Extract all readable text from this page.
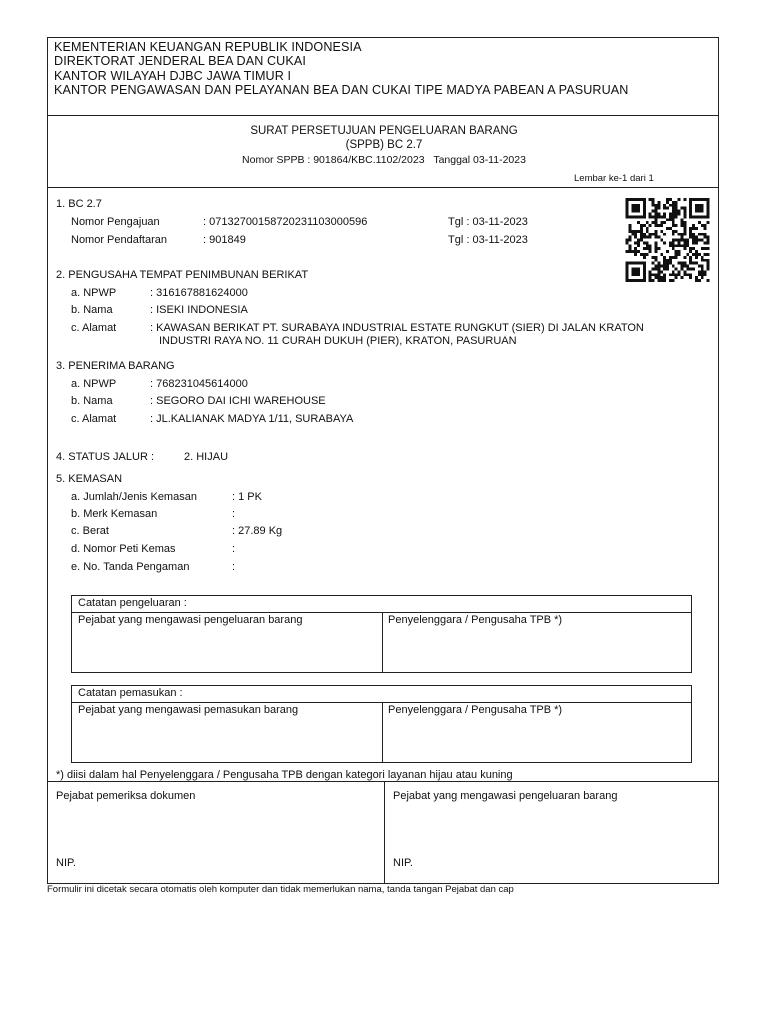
KEMENTERIAN KEUANGAN REPUBLIK INDONESIA
DIREKTORAT JENDERAL BEA DAN CUKAI
KANTOR WILAYAH DJBC JAWA TIMUR I
KANTOR PENGAWASAN DAN PELAYANAN BEA DAN CUKAI TIPE MADYA PABEAN A PASURUAN
SURAT PERSETUJUAN PENGELUARAN BARANG
(SPPB) BC 2.7
Nomor SPPB : 901864/KBC.1102/2023 Tanggal 03-11-2023
Lembar ke-1 dari 1
1. BC 2.7
Nomor Pengajuan	: 07132700158720231103000596	Tgl : 03-11-2023
Nomor Pendaftaran	: 901849	Tgl : 03-11-2023
2. PENGUSAHA TEMPAT PENIMBUNAN BERIKAT
a. NPWP	: 316167881624000
b. Nama	: ISEKI INDONESIA
c. Alamat	: KAWASAN BERIKAT PT. SURABAYA INDUSTRIAL ESTATE RUNGKUT (SIER) DI JALAN KRATON
INDUSTRI RAYA NO. 11 CURAH DUKUH (PIER), KRATON, PASURUAN
3. PENERIMA BARANG
a. NPWP	: 768231045614000
b. Nama	: SEGORO DAI ICHI WAREHOUSE
c. Alamat	: JL.KALIANAK MADYA 1/11, SURABAYA
4. STATUS JALUR :	2. HIJAU
5. KEMASAN
a. Jumlah/Jenis Kemasan	: 1 PK
b. Merk Kemasan	:
c. Berat	: 27.89 Kg
d. Nomor Peti Kemas	:
e. No. Tanda Pengaman	:
Catatan pengeluaran :
Pejabat yang mengawasi pengeluaran barang	Penyelenggara / Pengusaha TPB *)
Catatan pemasukan :
Pejabat yang mengawasi pemasukan barang	Penyelenggara / Pengusaha TPB *)
*) diisi dalam hal Penyelenggara / Pengusaha TPB dengan kategori layanan hijau atau kuning
Pejabat pemeriksa dokumen	Pejabat yang mengawasi pengeluaran barang
NIP.	NIP.
Formulir ini dicetak secara otomatis oleh komputer dan tidak memerlukan nama, tanda tangan Pejabat dan cap
